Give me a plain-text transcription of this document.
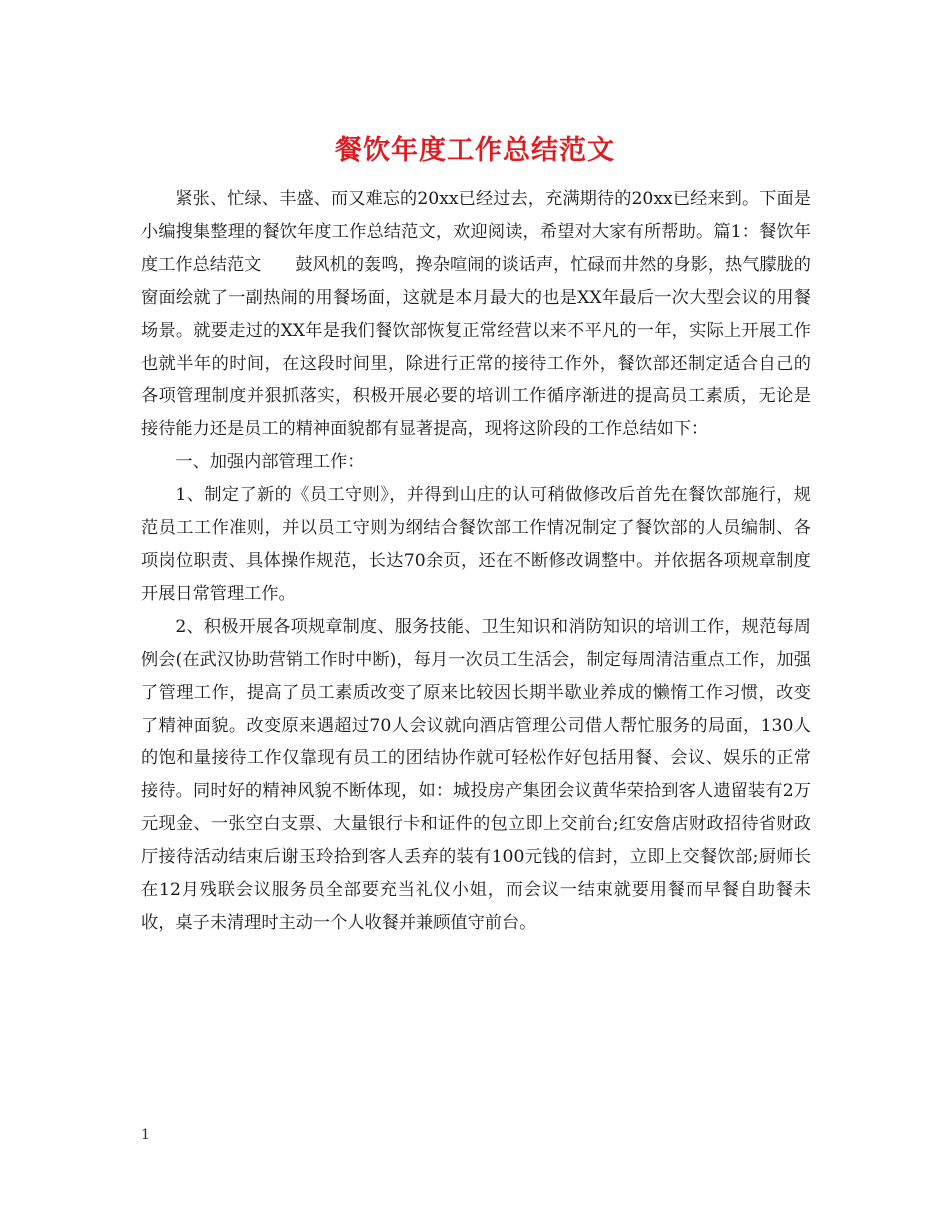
餐饮年度工作总结范文

紧张、忙绿、丰盛、而又难忘的20xx已经过去，充满期待的20xx已经来到。下面是小编搜集整理的餐饮年度工作总结范文，欢迎阅读，希望对大家有所帮助。篇1：餐饮年度工作总结范文 鼓风机的轰鸣，搀杂喧闹的谈话声，忙碌而井然的身影，热气朦胧的窗面绘就了一副热闹的用餐场面，这就是本月最大的也是XX年最后一次大型会议的用餐场景。就要走过的XX年是我们餐饮部恢复正常经营以来不平凡的一年，实际上开展工作也就半年的时间，在这段时间里，除进行正常的接待工作外，餐饮部还制定适合自己的各项管理制度并狠抓落实，积极开展必要的培训工作循序渐进的提高员工素质，无论是接待能力还是员工的精神面貌都有显著提高，现将这阶段的工作总结如下：

一、加强内部管理工作：

1、制定了新的《员工守则》，并得到山庄的认可稍做修改后首先在餐饮部施行，规范员工工作准则，并以员工守则为纲结合餐饮部工作情况制定了餐饮部的人员编制、各项岗位职责、具体操作规范，长达70余页，还在不断修改调整中。并依据各项规章制度开展日常管理工作。

2、积极开展各项规章制度、服务技能、卫生知识和消防知识的培训工作，规范每周例会(在武汉协助营销工作时中断)，每月一次员工生活会，制定每周清洁重点工作，加强了管理工作，提高了员工素质改变了原来比较因长期半歇业养成的懒惰工作习惯，改变了精神面貌。改变原来遇超过70人会议就向酒店管理公司借人帮忙服务的局面，130人的饱和量接待工作仅靠现有员工的团结协作就可轻松作好包括用餐、会议、娱乐的正常接待。同时好的精神风貌不断体现，如：城投房产集团会议黄华荣拾到客人遗留装有2万元现金、一张空白支票、大量银行卡和证件的包立即上交前台;红安詹店财政招待省财政厅接待活动结束后谢玉玲拾到客人丢弃的装有100元钱的信封，立即上交餐饮部;厨师长在12月残联会议服务员全部要充当礼仪小姐，而会议一结束就要用餐而早餐自助餐未收，桌子未清理时主动一个人收餐并兼顾值守前台。

1
